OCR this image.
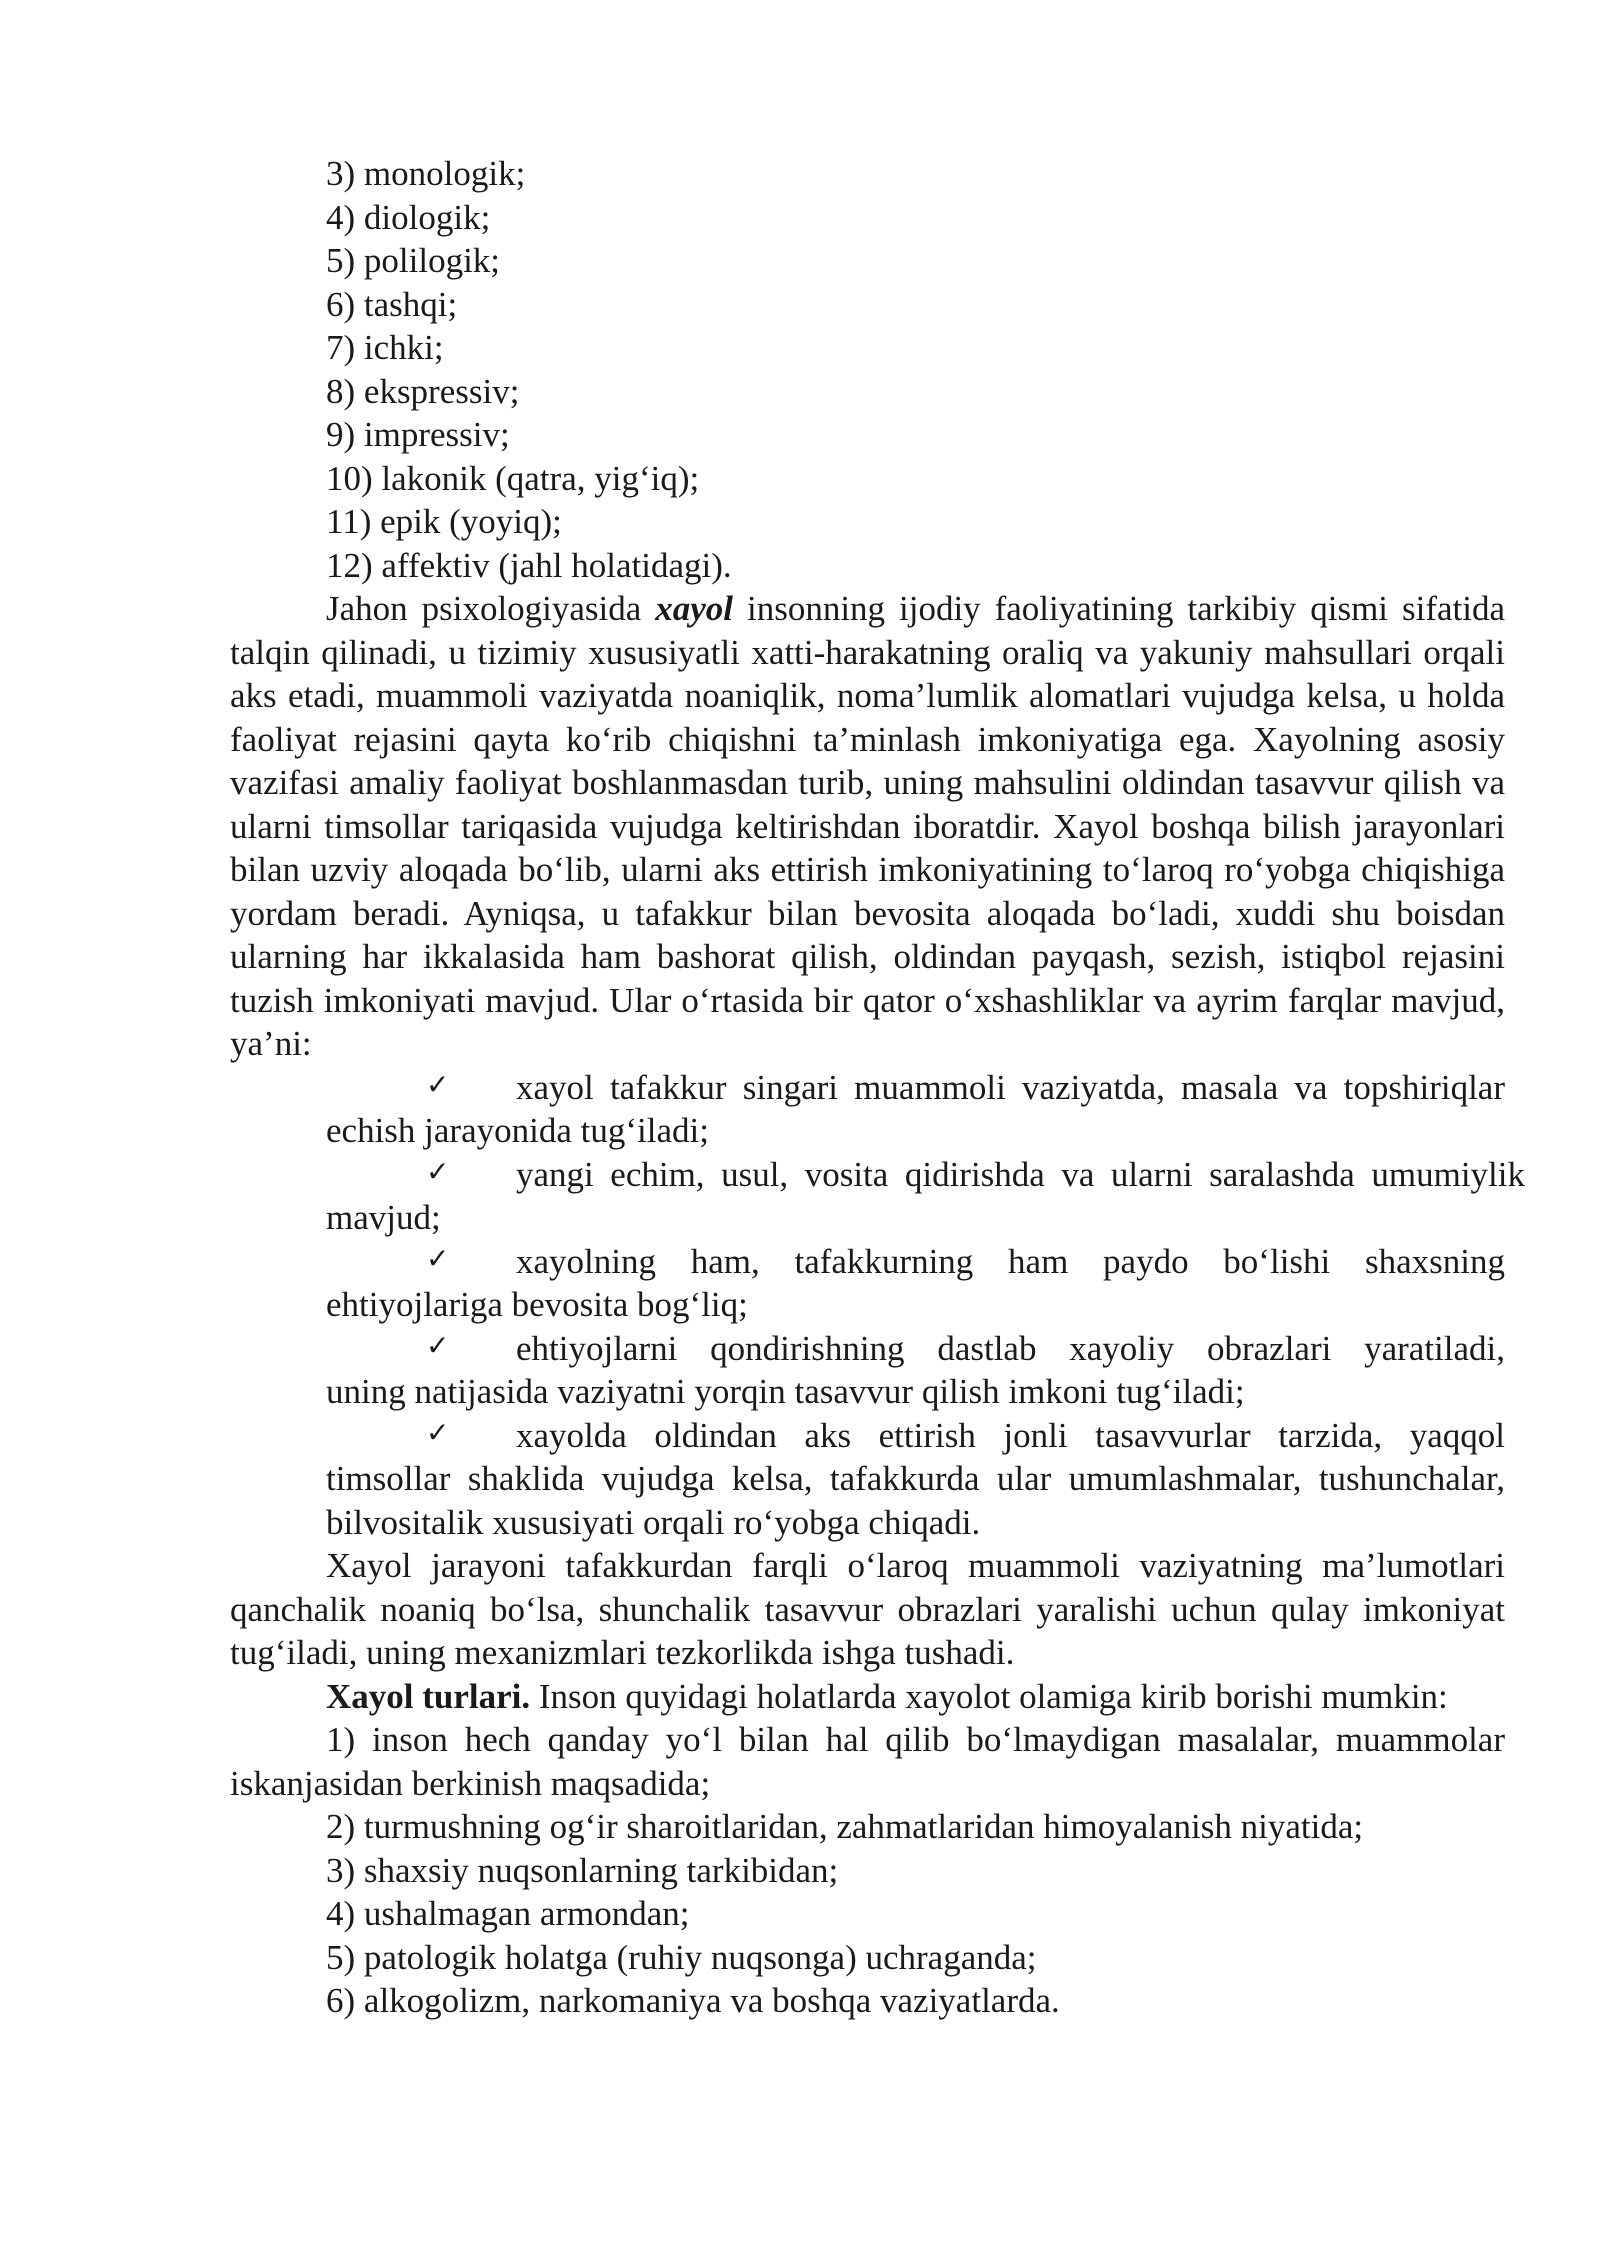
3) monologik;

4) diologik;

5) polilogik;

6) tashqi;

7) ichki;

8) ekspressiv;

9) impressiv;

10) lakonik (qatra, yig‘iq);

11) epik (yoyiq);

12) affektiv (jahl holatidagi).

Jahon psixologiyasida xayol insonning ijodiy faoliyatining tarkibiy qismi sifatida talqin qilinadi, u tizimiy xususiyatli xatti-harakatning oraliq va yakuniy mahsullari orqali aks etadi, muammoli vaziyatda noaniqlik, noma’lumlik alomatlari vujudga kelsa, u holda faoliyat rejasini qayta ko‘rib chiqishni ta’minlash imkoniyatiga ega. Xayolning asosiy vazifasi amaliy faoliyat boshlanmasdan turib, uning mahsulini oldindan tasavvur qilish va ularni timsollar tariqasida vujudga keltirishdan iboratdir. Xayol boshqa bilish jarayonlari bilan uzviy aloqada bo‘lib, ularni aks ettirish imkoniyatining to‘laroq ro‘yobga chiqishiga yordam beradi. Ayniqsa, u tafakkur bilan bevosita aloqada bo‘ladi, xuddi shu boisdan ularning har ikkalasida ham bashorat qilish, oldindan payqash, sezish, istiqbol rejasini tuzish imkoniyati mavjud. Ular o‘rtasida bir qator o‘xshashliklar va ayrim farqlar mavjud, ya’ni:

✓	xayol tafakkur singari muammoli vaziyatda, masala va topshiriqlar
echish jarayonida tug‘iladi;
✓	yangi echim, usul, vosita qidirishda va ularni saralashda umumiylik
mavjud;
✓	xayolning ham, tafakkurning ham paydo bo‘lishi shaxsning
ehtiyojlariga bevosita bog‘liq;
✓	ehtiyojlarni qondirishning dastlab xayoliy obrazlari yaratiladi,
uning natijasida vaziyatni yorqin tasavvur qilish imkoni tug‘iladi;
✓	xayolda oldindan aks ettirish jonli tasavvurlar tarzida, yaqqol
timsollar shaklida vujudga kelsa, tafakkurda ular umumlashmalar, tushunchalar, bilvositalik xususiyati orqali ro‘yobga chiqadi.

Xayol jarayoni tafakkurdan farqli o‘laroq muammoli vaziyatning ma’lumotlari qanchalik noaniq bo‘lsa, shunchalik tasavvur obrazlari yaralishi uchun qulay imkoniyat tug‘iladi, uning mexanizmlari tezkorlikda ishga tushadi.

Xayol turlari. Inson quyidagi holatlarda xayolot olamiga kirib borishi mumkin:

1) inson hech qanday yo‘l bilan hal qilib bo‘lmaydigan masalalar, muammolar iskanjasidan berkinish maqsadida;

2) turmushning og‘ir sharoitlaridan, zahmatlaridan himoyalanish niyatida;

3) shaxsiy nuqsonlarning tarkibidan;

4) ushalmagan armondan;

5) patologik holatga (ruhiy nuqsonga) uchraganda;

6) alkogolizm, narkomaniya va boshqa vaziyatlarda.
